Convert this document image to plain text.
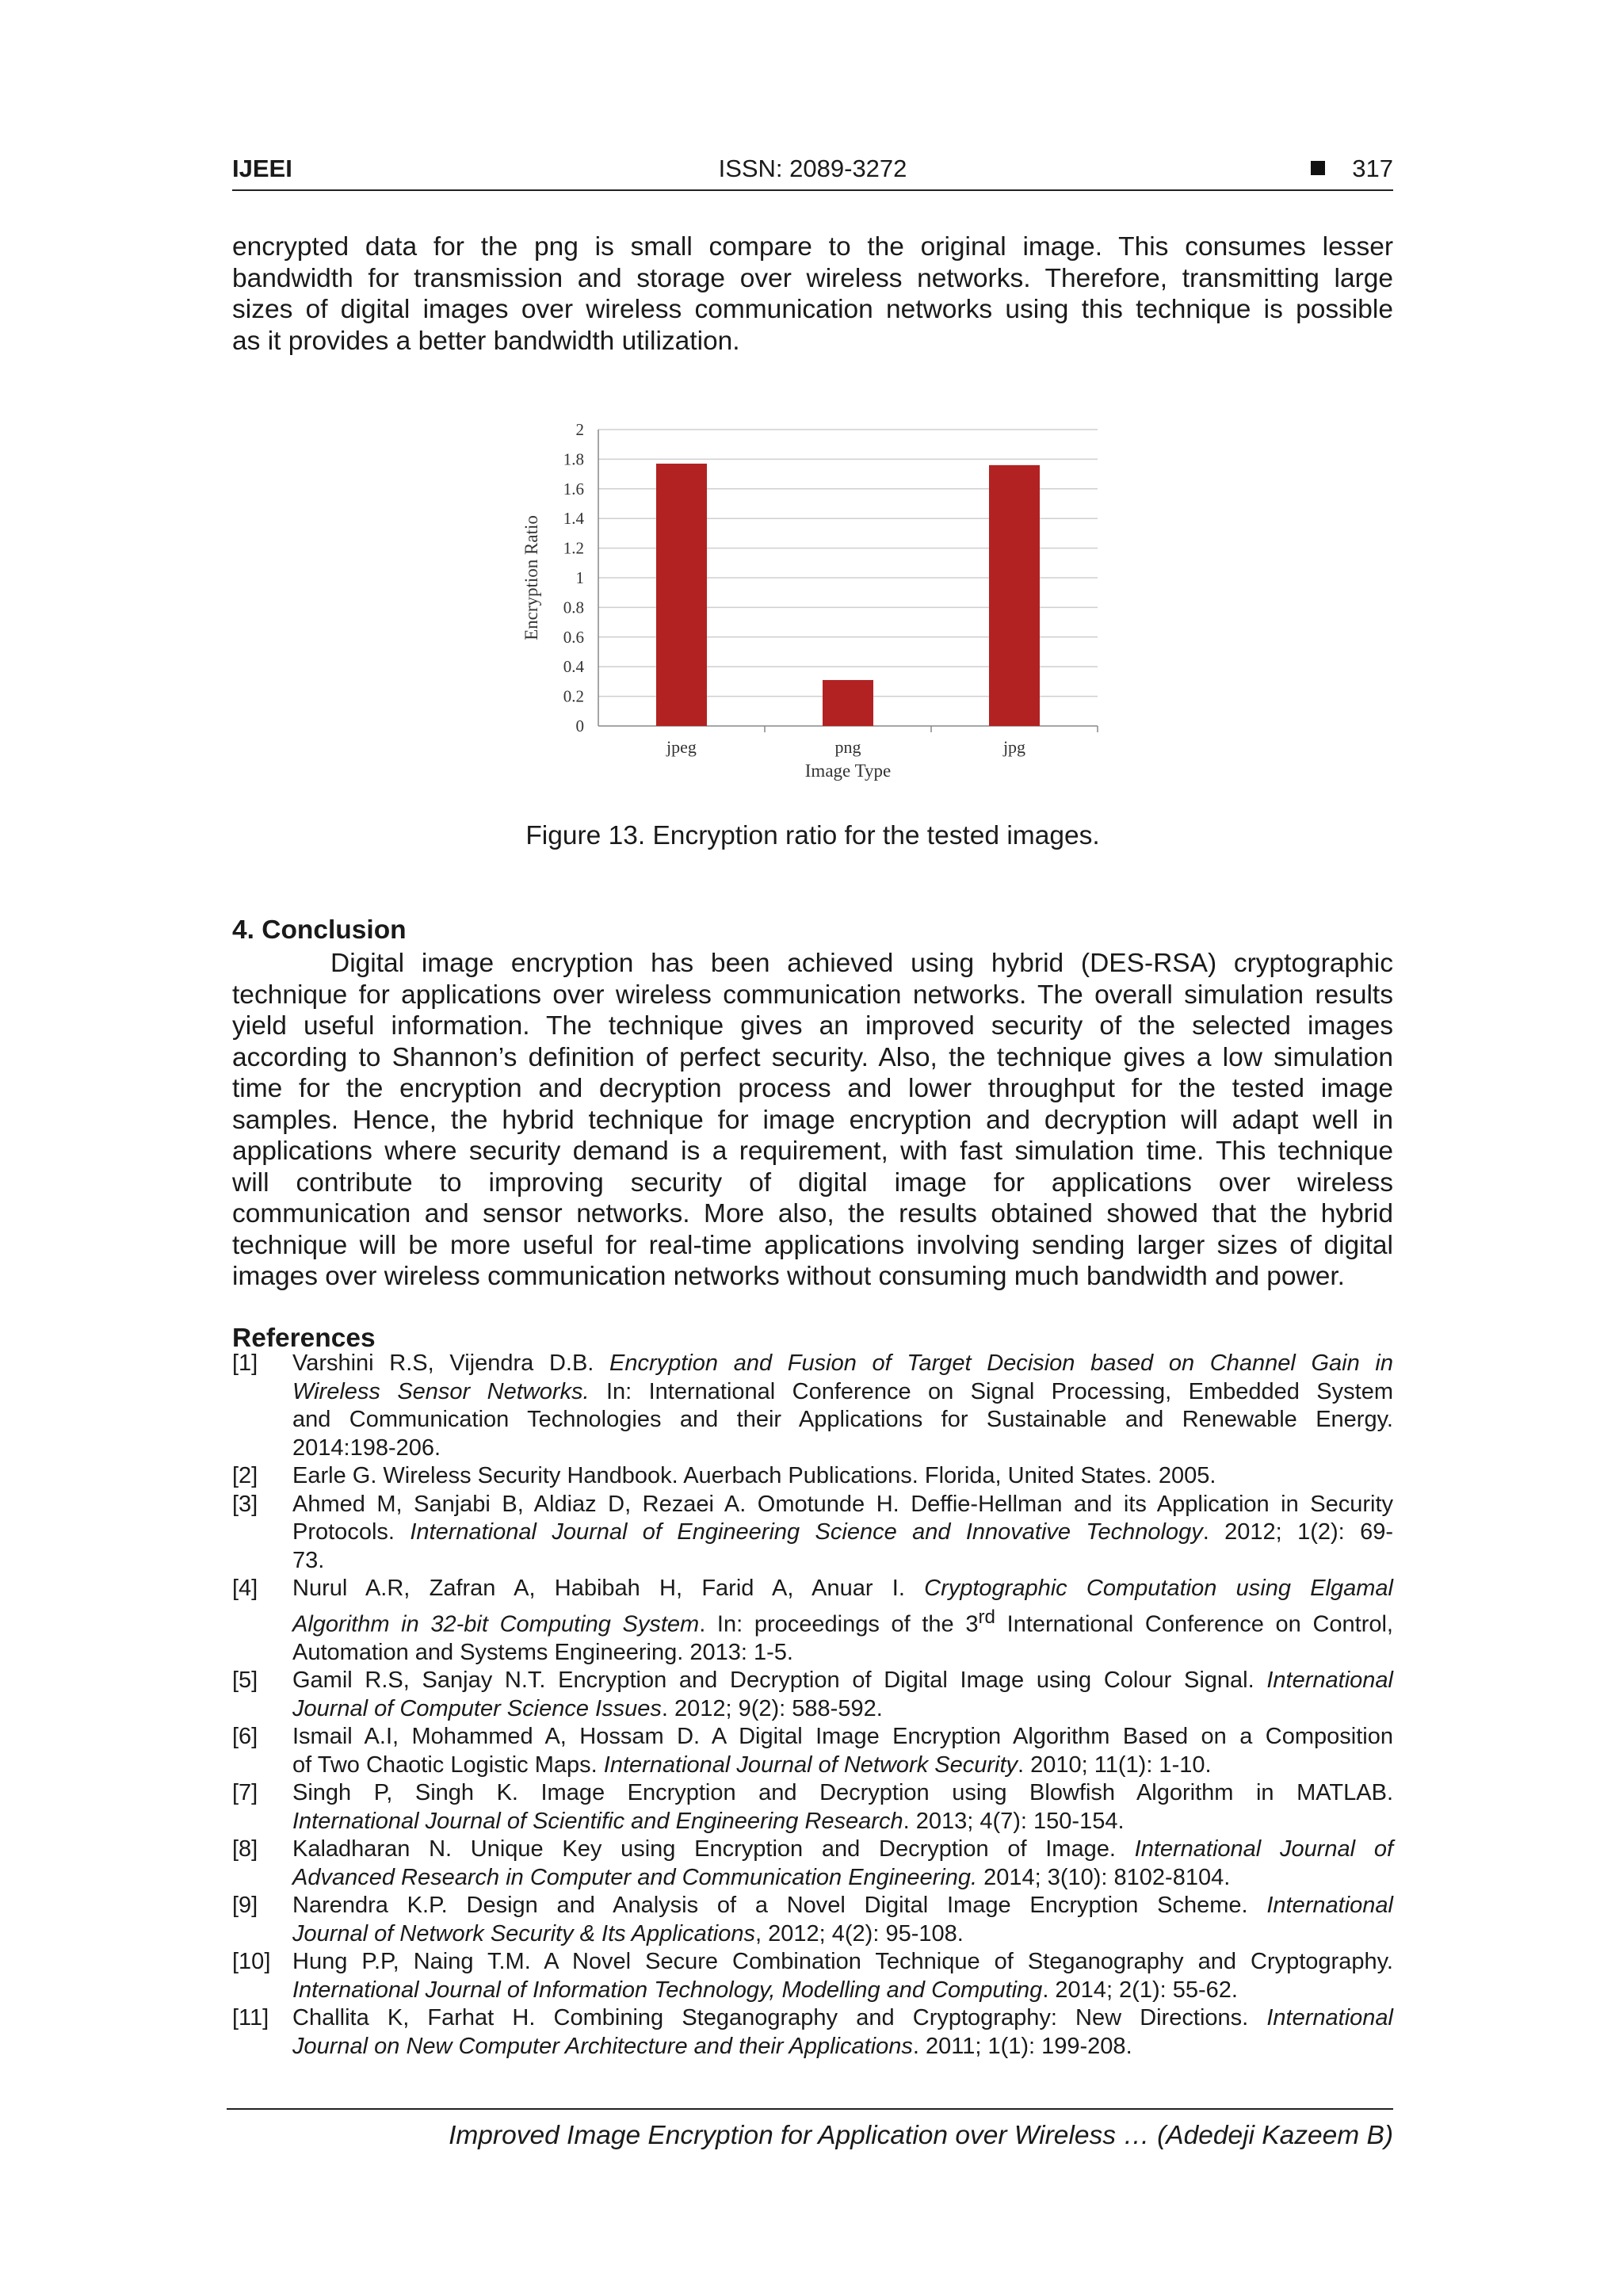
IJEEI	ISSN: 2089-3272	317
encrypted data for the png is small compare to the original image. This consumes lesser
bandwidth for transmission and storage over wireless networks. Therefore, transmitting large
sizes of digital images over wireless communication networks using this technique is possible
as it provides a better bandwidth utilization.
0
0.2
0.4
0.6
0.8
1
1.2
1.4
1.6
1.8
2
jpeg	png	jpg
Image Type
Encryption Ratio
Figure 13. Encryption ratio for the tested images.
4. Conclusion
Digital image encryption has been achieved using hybrid (DES-RSA) cryptographic
technique for applications over wireless communication networks. The overall simulation results
yield useful information. The technique gives an improved security of the selected images
according to Shannon’s definition of perfect security. Also, the technique gives a low simulation
time for the encryption and decryption process and lower throughput for the tested image
samples. Hence, the hybrid technique for image encryption and decryption will adapt well in
applications where security demand is a requirement, with fast simulation time. This technique
will contribute to improving security of digital image for applications over wireless
communication and sensor networks. More also, the results obtained showed that the hybrid
technique will be more useful for real-time applications involving sending larger sizes of digital
images over wireless communication networks without consuming much bandwidth and power.
References
[1] Varshini R.S, Vijendra D.B. Encryption and Fusion of Target Decision based on Channel Gain in
Wireless Sensor Networks. In: International Conference on Signal Processing, Embedded System
and Communication Technologies and their Applications for Sustainable and Renewable Energy.
2014:198-206.
[2] Earle G. Wireless Security Handbook. Auerbach Publications. Florida, United States. 2005.
[3] Ahmed M, Sanjabi B, Aldiaz D, Rezaei A. Omotunde H. Deffie-Hellman and its Application in Security
Protocols. International Journal of Engineering Science and Innovative Technology. 2012; 1(2): 69-
73.
[4] Nurul A.R, Zafran A, Habibah H, Farid A, Anuar I. Cryptographic Computation using Elgamal
Algorithm in 32-bit Computing System. In: proceedings of the 3rd International Conference on Control,
Automation and Systems Engineering. 2013: 1-5.
[5] Gamil R.S, Sanjay N.T. Encryption and Decryption of Digital Image using Colour Signal. International
Journal of Computer Science Issues. 2012; 9(2): 588-592.
[6] Ismail A.I, Mohammed A, Hossam D. A Digital Image Encryption Algorithm Based on a Composition
of Two Chaotic Logistic Maps. International Journal of Network Security. 2010; 11(1): 1-10.
[7] Singh P, Singh K. Image Encryption and Decryption using Blowfish Algorithm in MATLAB.
International Journal of Scientific and Engineering Research. 2013; 4(7): 150-154.
[8] Kaladharan N. Unique Key using Encryption and Decryption of Image. International Journal of
Advanced Research in Computer and Communication Engineering. 2014; 3(10): 8102-8104.
[9] Narendra K.P. Design and Analysis of a Novel Digital Image Encryption Scheme. International
Journal of Network Security & Its Applications, 2012; 4(2): 95-108.
[10] Hung P.P, Naing T.M. A Novel Secure Combination Technique of Steganography and Cryptography.
International Journal of Information Technology, Modelling and Computing. 2014; 2(1): 55-62.
[11] Challita K, Farhat H. Combining Steganography and Cryptography: New Directions. International
Journal on New Computer Architecture and their Applications. 2011; 1(1): 199-208.
Improved Image Encryption for Application over Wireless … (Adedeji Kazeem B)
